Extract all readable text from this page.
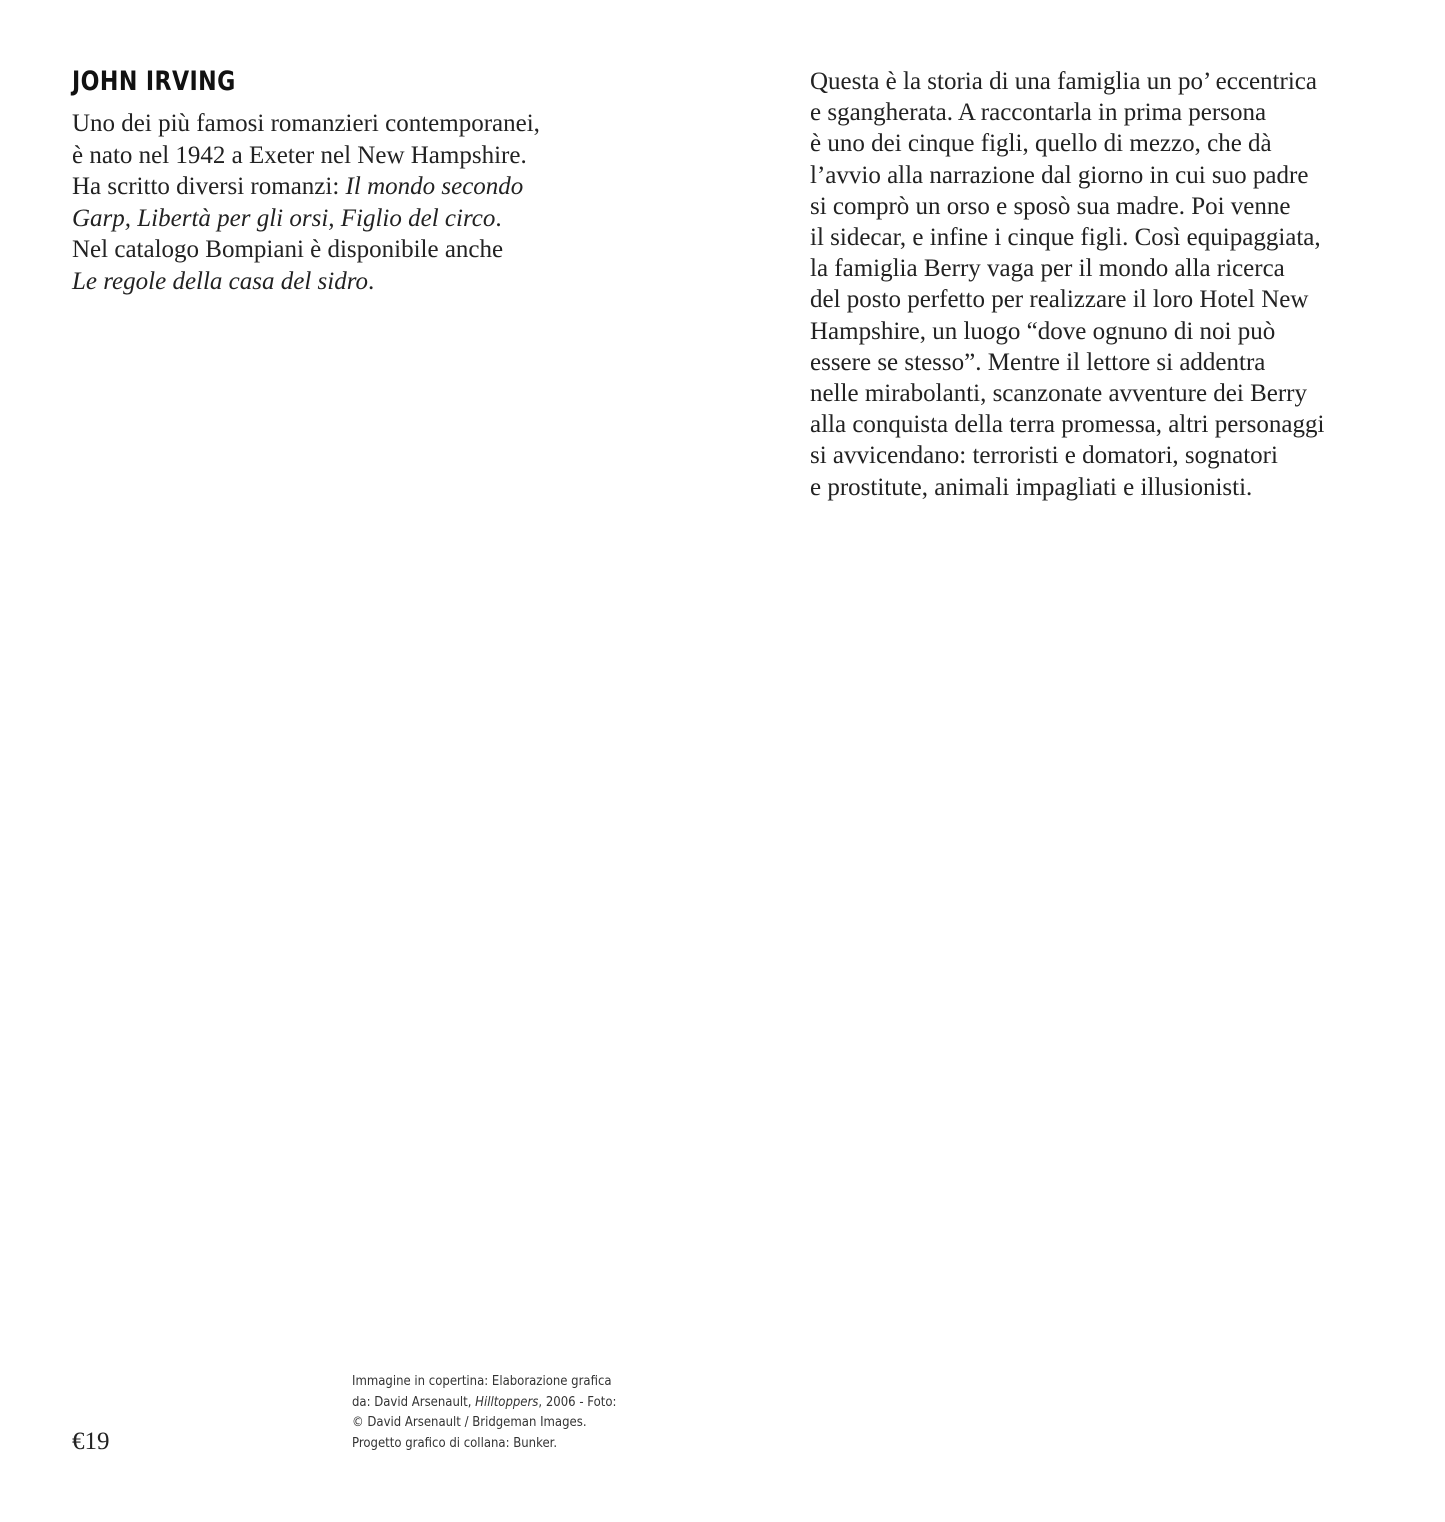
JOHN IRVING

Uno dei più famosi romanzieri contemporanei,
è nato nel 1942 a Exeter nel New Hampshire.
Ha scritto diversi romanzi: Il mondo secondo
Garp, Libertà per gli orsi, Figlio del circo.
Nel catalogo Bompiani è disponibile anche
Le regole della casa del sidro.

Questa è la storia di una famiglia un po’ eccentrica
e sgangherata. A raccontarla in prima persona
è uno dei cinque figli, quello di mezzo, che dà
l’avvio alla narrazione dal giorno in cui suo padre
si comprò un orso e sposò sua madre. Poi venne
il sidecar, e infine i cinque figli. Così equipaggiata,
la famiglia Berry vaga per il mondo alla ricerca
del posto perfetto per realizzare il loro Hotel New
Hampshire, un luogo “dove ognuno di noi può
essere se stesso”. Mentre il lettore si addentra
nelle mirabolanti, scanzonate avventure dei Berry
alla conquista della terra promessa, altri personaggi
si avvicendano: terroristi e domatori, sognatori
e prostitute, animali impagliati e illusionisti.
€19
Immagine in copertina: Elaborazione grafica
da: David Arsenault, Hilltoppers, 2006 - Foto:
© David Arsenault / Bridgeman Images.
Progetto grafico di collana: Bunker.
